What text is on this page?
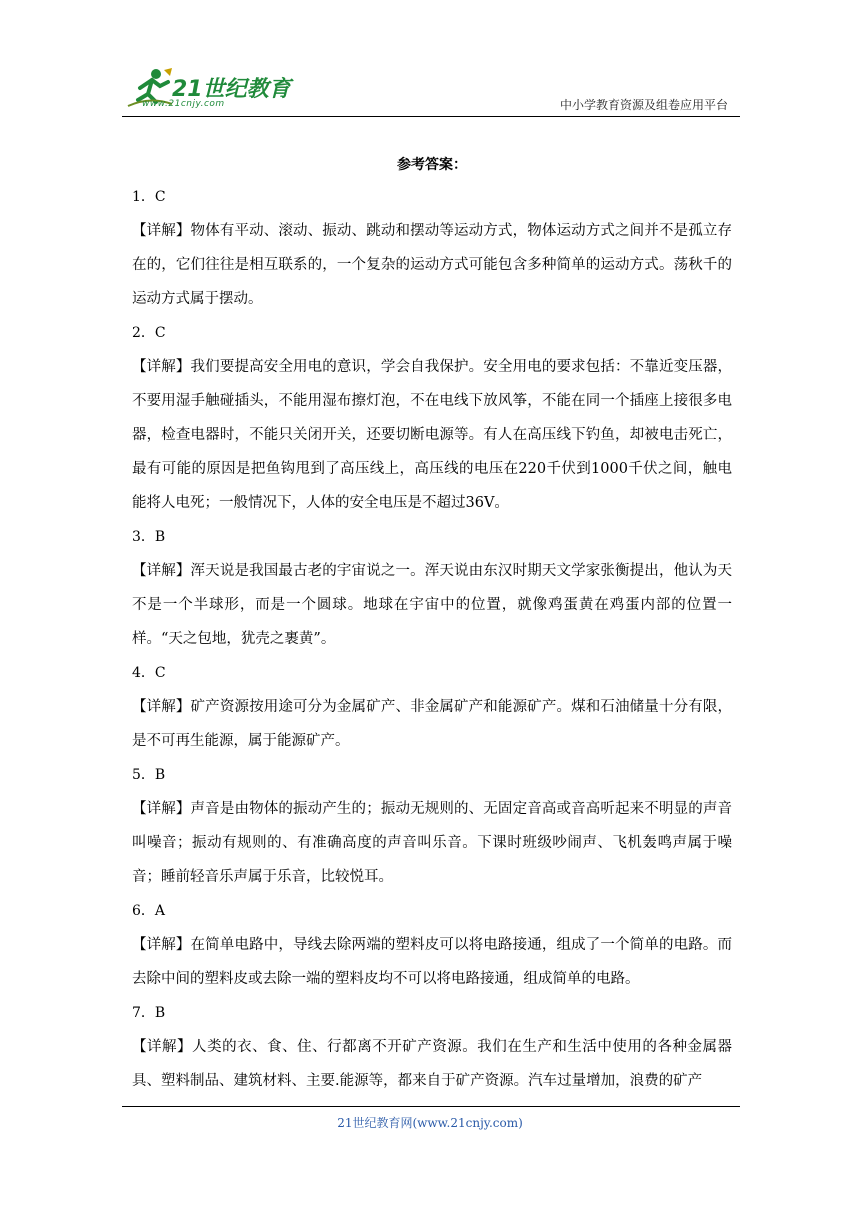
21世纪教育
www.21cnjy.com	中小学教育资源及组卷应用平台
参考答案：
1．C

【详解】物体有平动、滚动、振动、跳动和摆动等运动方式，物体运动方式之间并不是孤立存在的，它们往往是相互联系的，一个复杂的运动方式可能包含多种简单的运动方式。荡秋千的运动方式属于摆动。

2．C

【详解】我们要提高安全用电的意识，学会自我保护。安全用电的要求包括：不靠近变压器，不要用湿手触碰插头，不能用湿布擦灯泡，不在电线下放风筝，不能在同一个插座上接很多电器，检查电器时，不能只关闭开关，还要切断电源等。有人在高压线下钓鱼，却被电击死亡，最有可能的原因是把鱼钩甩到了高压线上，高压线的电压在220千伏到1000千伏之间，触电能将人电死；一般情况下，人体的安全电压是不超过36V。

3．B

【详解】浑天说是我国最古老的宇宙说之一。浑天说由东汉时期天文学家张衡提出，他认为天不是一个半球形，而是一个圆球。地球在宇宙中的位置，就像鸡蛋黄在鸡蛋内部的位置一样。“天之包地，犹壳之裹黄”。

4．C

【详解】矿产资源按用途可分为金属矿产、非金属矿产和能源矿产。煤和石油储量十分有限，是不可再生能源，属于能源矿产。

5．B

【详解】声音是由物体的振动产生的；振动无规则的、无固定音高或音高听起来不明显的声音叫噪音；振动有规则的、有准确高度的声音叫乐音。下课时班级吵闹声、飞机轰鸣声属于噪音；睡前轻音乐声属于乐音，比较悦耳。

6．A

【详解】在简单电路中，导线去除两端的塑料皮可以将电路接通，组成了一个简单的电路。而去除中间的塑料皮或去除一端的塑料皮均不可以将电路接通，组成简单的电路。

7．B

【详解】人类的衣、食、住、行都离不开矿产资源。我们在生产和生活中使用的各种金属器具、塑料制品、建筑材料、主要.能源等，都来自于矿产资源。汽车过量增加，浪费的矿产

21世纪教育网(www.21cnjy.com)
